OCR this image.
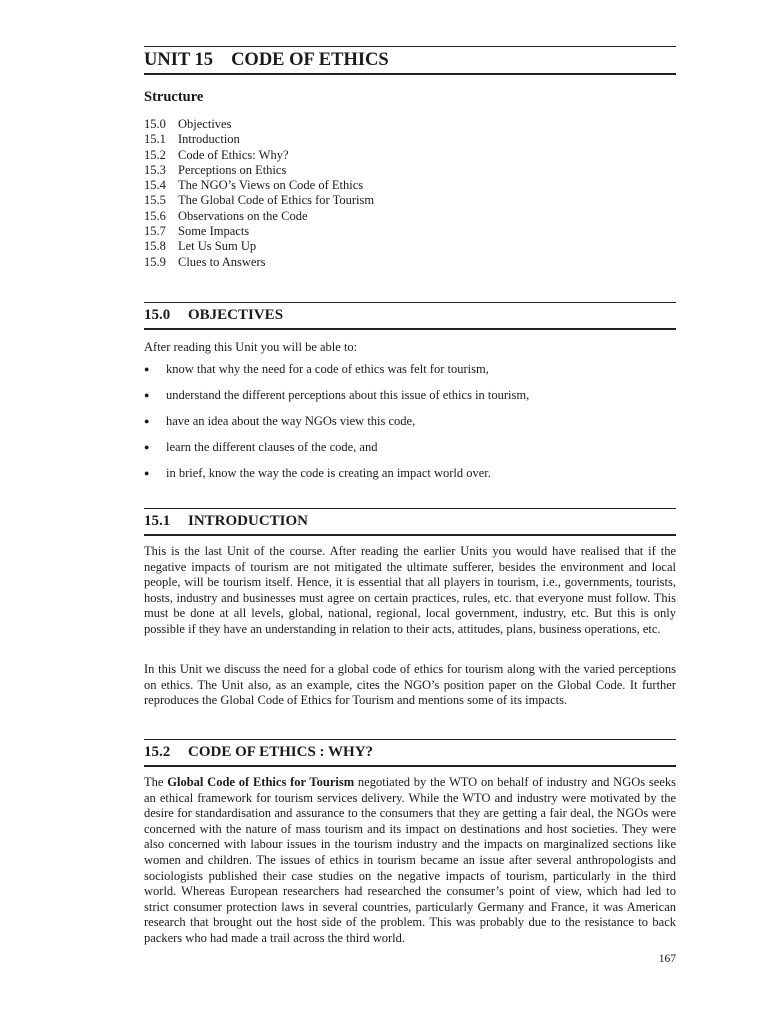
UNIT 15 CODE OF ETHICS
Structure
15.0 Objectives
15.1 Introduction
15.2 Code of Ethics: Why?
15.3 Perceptions on Ethics
15.4 The NGO’s Views on Code of Ethics
15.5 The Global Code of Ethics for Tourism
15.6 Observations on the Code
15.7 Some Impacts
15.8 Let Us Sum Up
15.9 Clues to Answers
15.0 OBJECTIVES

After reading this Unit you will be able to:

●	know that why the need for a code of ethics was felt for tourism,
●	understand the different perceptions about this issue of ethics in tourism,
●	have an idea about the way NGOs view this code,
●	learn the different clauses of the code, and
●	in brief, know the way the code is creating an impact world over.
15.1 INTRODUCTION

This is the last Unit of the course. After reading the earlier Units you would have realised that if the negative impacts of tourism are not mitigated the ultimate sufferer, besides the environment and local people, will be tourism itself. Hence, it is essential that all players in tourism, i.e., governments, tourists, hosts, industry and businesses must agree on certain practices, rules, etc. that everyone must follow. This must be done at all levels, global, national, regional, local government, industry, etc. But this is only possible if they have an understanding in relation to their acts, attitudes, plans, business operations, etc.

In this Unit we discuss the need for a global code of ethics for tourism along with the varied perceptions on ethics. The Unit also, as an example, cites the NGO’s position paper on the Global Code. It further reproduces the Global Code of Ethics for Tourism and mentions some of its impacts.

15.2 CODE OF ETHICS : WHY?

The Global Code of Ethics for Tourism negotiated by the WTO on behalf of industry and NGOs seeks an ethical framework for tourism services delivery. While the WTO and industry were motivated by the desire for standardisation and assurance to the consumers that they are getting a fair deal, the NGOs were concerned with the nature of mass tourism and its impact on destinations and host societies. They were also concerned with labour issues in the tourism industry and the impacts on marginalized sections like women and children. The issues of ethics in tourism became an issue after several anthropologists and sociologists published their case studies on the negative impacts of tourism, particularly in the third world. Whereas European researchers had researched the consumer’s point of view, which had led to strict consumer protection laws in several countries, particularly Germany and France, it was American research that brought out the host side of the problem. This was probably due to the resistance to back packers who had made a trail across the third world.

167
